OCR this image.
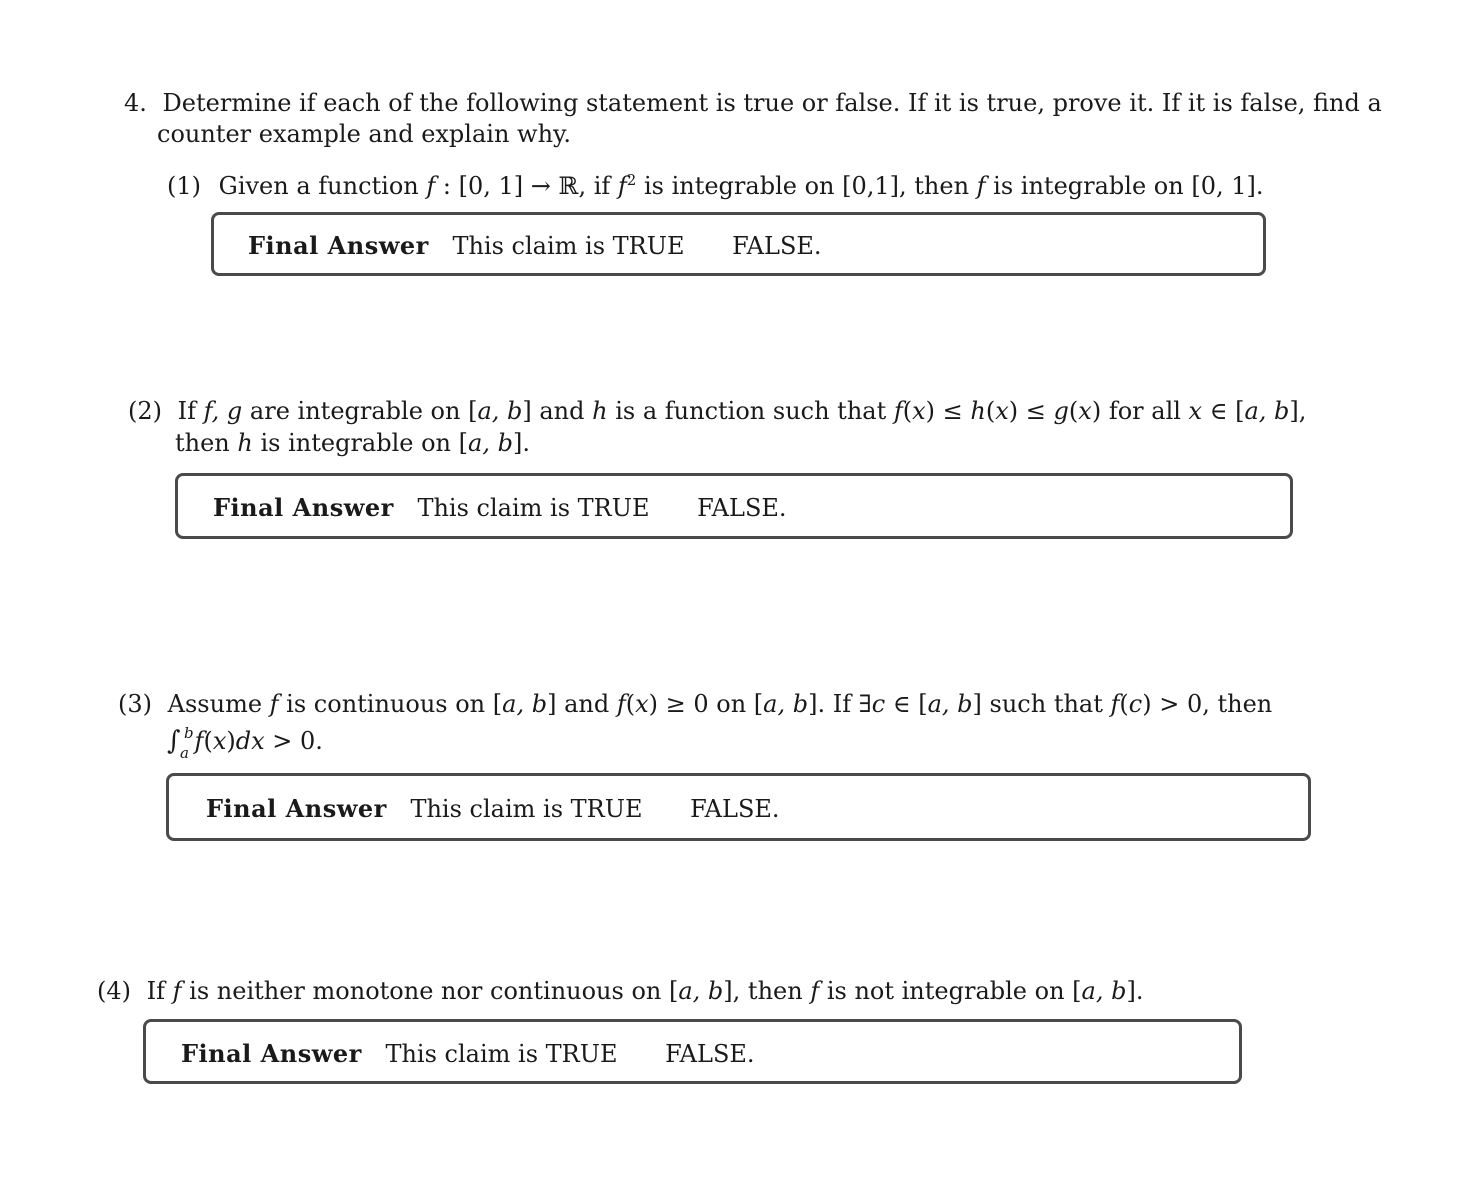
4. Determine if each of the following statement is true or false. If it is true, prove it. If it is false, find a
counter example and explain why.
(1) Given a function f : [0, 1] → ℝ, if $f^2$ is integrable on [0,1], then f is integrable on [0, 1].
Final Answer This claim is TRUE FALSE.
(2) If f, g are integrable on [a, b] and h is a function such that f(x) ≤ h(x) ≤ g(x) for all x ∈ [a, b],
then h is integrable on [a, b].
Final Answer This claim is TRUE FALSE.
(3) Assume f is continuous on [a, b] and f(x) ≥ 0 on [a, b]. If ∃c ∈ [a, b] such that f(c) > 0, then
∫ b
a f(x)dx > 0.
Final Answer This claim is TRUE FALSE.
(4) If f is neither monotone nor continuous on [a, b], then f is not integrable on [a, b].
Final Answer This claim is TRUE FALSE.
